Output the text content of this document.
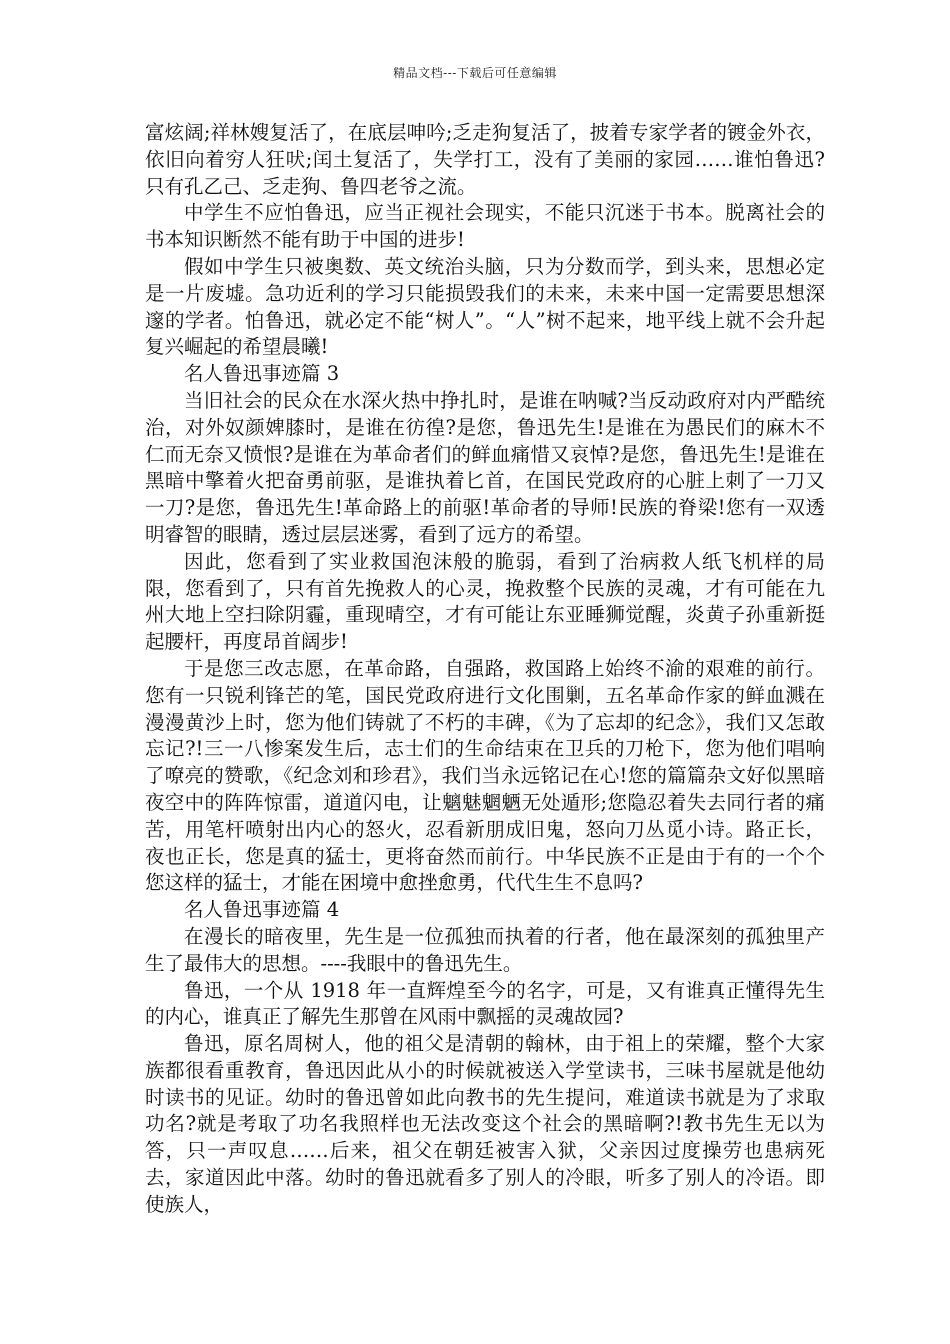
精品文档---下载后可任意编辑

富炫阔;祥林嫂复活了，在底层呻吟;乏走狗复活了，披着专家学者的镀金外衣，依旧向着穷人狂吠;闰土复活了，失学打工，没有了美丽的家园……谁怕鲁迅?只有孔乙己、乏走狗、鲁四老爷之流。

中学生不应怕鲁迅，应当正视社会现实，不能只沉迷于书本。脱离社会的书本知识断然不能有助于中国的进步!

假如中学生只被奥数、英文统治头脑，只为分数而学，到头来，思想必定是一片废墟。急功近利的学习只能损毁我们的未来，未来中国一定需要思想深邃的学者。怕鲁迅，就必定不能“树人”。“人”树不起来，地平线上就不会升起复兴崛起的希望晨曦!

名人鲁迅事迹篇 3

当旧社会的民众在水深火热中挣扎时，是谁在呐喊?当反动政府对内严酷统治，对外奴颜婢膝时，是谁在彷徨?是您，鲁迅先生!是谁在为愚民们的麻木不仁而无奈又愤恨?是谁在为革命者们的鲜血痛惜又哀悼?是您，鲁迅先生!是谁在黑暗中擎着火把奋勇前驱，是谁执着匕首，在国民党政府的心脏上刺了一刀又一刀?是您，鲁迅先生!革命路上的前驱!革命者的导师!民族的脊梁!您有一双透明睿智的眼睛，透过层层迷雾，看到了远方的希望。

因此，您看到了实业救国泡沫般的脆弱，看到了治病救人纸飞机样的局限，您看到了，只有首先挽救人的心灵，挽救整个民族的灵魂，才有可能在九州大地上空扫除阴霾，重现晴空，才有可能让东亚睡狮觉醒，炎黄子孙重新挺起腰杆，再度昂首阔步!

于是您三改志愿，在革命路，自强路，救国路上始终不渝的艰难的前行。您有一只锐利锋芒的笔，国民党政府进行文化围剿，五名革命作家的鲜血溅在漫漫黄沙上时，您为他们铸就了不朽的丰碑，《为了忘却的纪念》，我们又怎敢忘记?!三一八惨案发生后，志士们的生命结束在卫兵的刀枪下，您为他们唱响了嘹亮的赞歌，《纪念刘和珍君》，我们当永远铭记在心!您的篇篇杂文好似黑暗夜空中的阵阵惊雷，道道闪电，让魑魅魍魉无处遁形;您隐忍着失去同行者的痛苦，用笔杆喷射出内心的怒火，忍看新朋成旧鬼，怒向刀丛觅小诗。路正长，夜也正长，您是真的猛士，更将奋然而前行。中华民族不正是由于有的一个个您这样的猛士，才能在困境中愈挫愈勇，代代生生不息吗?

名人鲁迅事迹篇 4

在漫长的暗夜里，先生是一位孤独而执着的行者，他在最深刻的孤独里产生了最伟大的思想。----我眼中的鲁迅先生。

鲁迅，一个从 1918 年一直辉煌至今的名字，可是，又有谁真正懂得先生的内心，谁真正了解先生那曾在风雨中飘摇的灵魂故园?

鲁迅，原名周树人，他的祖父是清朝的翰林，由于祖上的荣耀，整个大家族都很看重教育，鲁迅因此从小的时候就被送入学堂读书，三味书屋就是他幼时读书的见证。幼时的鲁迅曾如此向教书的先生提问，难道读书就是为了求取功名?就是考取了功名我照样也无法改变这个社会的黑暗啊?!教书先生无以为答，只一声叹息……后来，祖父在朝廷被害入狱，父亲因过度操劳也患病死去，家道因此中落。幼时的鲁迅就看多了别人的冷眼，听多了别人的冷语。即使族人，
